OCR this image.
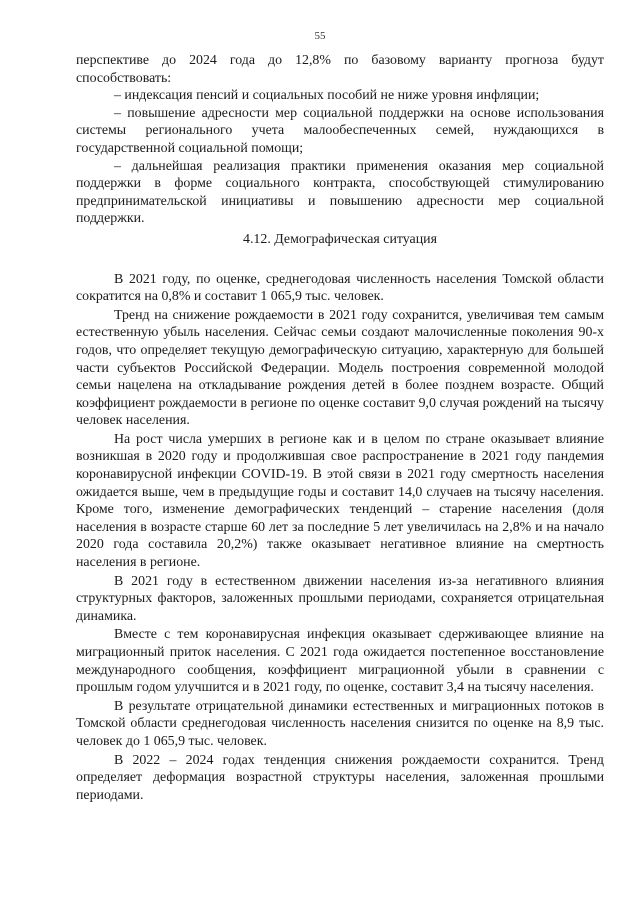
55

перспективе до 2024 года до 12,8% по базовому варианту прогноза будут способствовать:

– индексация пенсий и социальных пособий не ниже уровня инфляции;

– повышение адресности мер социальной поддержки на основе использования системы регионального учета малообеспеченных семей, нуждающихся в государственной социальной помощи;

– дальнейшая реализация практики применения оказания мер социальной поддержки в форме социального контракта, способствующей стимулированию предпринимательской инициативы и повышению адресности мер социальной поддержки.

4.12. Демографическая ситуация

В 2021 году, по оценке, среднегодовая численность населения Томской области сократится на 0,8% и составит 1 065,9 тыс. человек.

Тренд на снижение рождаемости в 2021 году сохранится, увеличивая тем самым естественную убыль населения. Сейчас семьи создают малочисленные поколения 90-х годов, что определяет текущую демографическую ситуацию, характерную для большей части субъектов Российской Федерации. Модель построения современной молодой семьи нацелена на откладывание рождения детей в более позднем возрасте. Общий коэффициент рождаемости в регионе по оценке составит 9,0 случая рождений на тысячу человек населения.

На рост числа умерших в регионе как и в целом по стране оказывает влияние возникшая в 2020 году и продолжившая свое распространение в 2021 году пандемия коронавирусной инфекции COVID-19. В этой связи в 2021 году смертность населения ожидается выше, чем в предыдущие годы и составит 14,0 случаев на тысячу населения. Кроме того, изменение демографических тенденций – старение населения (доля населения в возрасте старше 60 лет за последние 5 лет увеличилась на 2,8% и на начало 2020 года составила 20,2%) также оказывает негативное влияние на смертность населения в регионе.

В 2021 году в естественном движении населения из-за негативного влияния структурных факторов, заложенных прошлыми периодами, сохраняется отрицательная динамика.

Вместе с тем коронавирусная инфекция оказывает сдерживающее влияние на миграционный приток населения. С 2021 года ожидается постепенное восстановление международного сообщения, коэффициент миграционной убыли в сравнении с прошлым годом улучшится и в 2021 году, по оценке, составит 3,4 на тысячу населения.

В результате отрицательной динамики естественных и миграционных потоков в Томской области среднегодовая численность населения снизится по оценке на 8,9 тыс. человек до 1 065,9 тыс. человек.

В 2022 – 2024 годах тенденция снижения рождаемости сохранится. Тренд определяет деформация возрастной структуры населения, заложенная прошлыми периодами.
